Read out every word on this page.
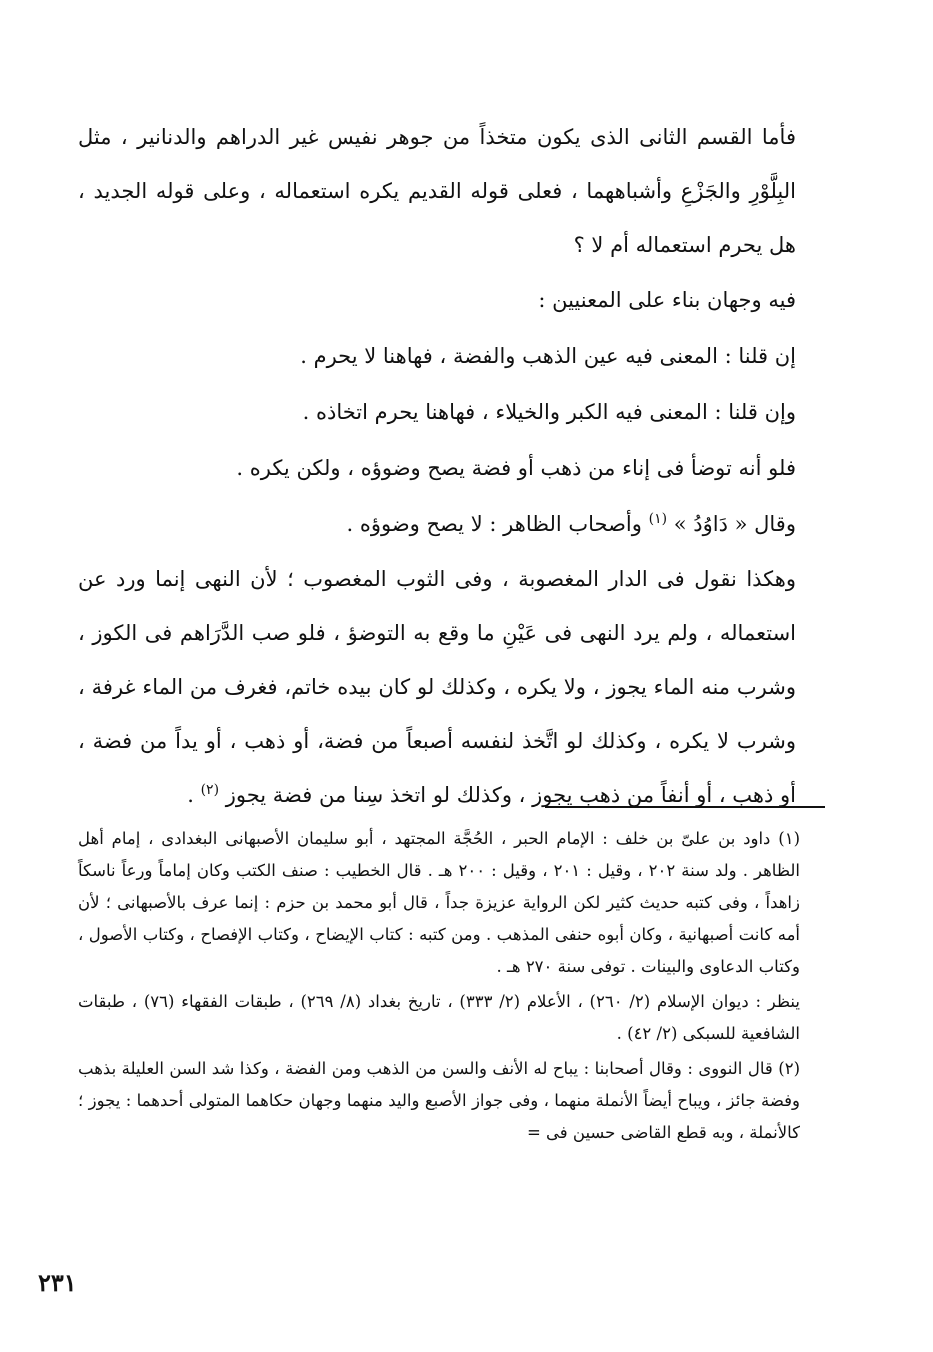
فأما القسم الثانى الذى يكون متخذاً من جوهر نفيس غير الدراهم والدنانير ، مثل البِلَّوْرِ والجَزْعِ وأشباههما ، فعلى قوله القديم يكره استعماله ، وعلى قوله الجديد ، هل يحرم استعماله أم لا ؟

فيه وجهان بناء على المعنيين :

إن قلنا : المعنى فيه عين الذهب والفضة ، فهاهنا لا يحرم .

وإن قلنا : المعنى فيه الكبر والخيلاء ، فهاهنا يحرم اتخاذه .

فلو أنه توضأ فى إناء من ذهب أو فضة يصح وضوؤه ، ولكن يكره .

وقال « دَاوُدُ » $^{(١)}$ وأصحاب الظاهر : لا يصح وضوؤه .

وهكذا نقول فى الدار المغصوبة ، وفى الثوب المغصوب ؛ لأن النهى إنما ورد عن استعماله ، ولم يرد النهى فى عَيْنِ ما وقع به التوضؤ ، فلو صب الدَّرَاهم فى الكوز ، وشرب منه الماء يجوز ، ولا يكره ، وكذلك لو كان بيده خاتم، فغرف من الماء غرفة ، وشرب لا يكره ، وكذلك لو اتَّخذ لنفسه أصبعاً من فضة، أو ذهب ، أو يداً من فضة ، أو ذهب ، أو أنفاً من ذهب يجوز ، وكذلك لو اتخذ سِنا من فضة يجوز $^{(٢)}$ .

(١) داود بن علىّ بن خلف : الإمام الحبر ، الحُجَّة المجتهد ، أبو سليمان الأصبهانى البغدادى ، إمام أهل الظاهر . ولد سنة ٢٠٢ ، وقيل : ٢٠١ ، وقيل : ٢٠٠ هـ . قال الخطيب : صنف الكتب وكان إماماً ورعاً ناسكاً زاهداً ، وفى كتبه حديث كثير لكن الرواية عزيزة جداً ، قال أبو محمد بن حزم : إنما عرف بالأصبهانى ؛ لأن أمه كانت أصبهانية ، وكان أبوه حنفى المذهب . ومن كتبه : كتاب الإيضاح ، وكتاب الإفصاح ، وكتاب الأصول ، وكتاب الدعاوى والبينات . توفى سنة ٢٧٠ هـ .

ينظر : ديوان الإسلام (٢/ ٢٦٠) ، الأعلام (٢/ ٣٣٣) ، تاريخ بغداد (٨/ ٢٦٩) ، طبقات الفقهاء (٧٦) ، طبقات الشافعية للسبكى (٢/ ٤٢) .

(٢) قال النووى : وقال أصحابنا : يباح له الأنف والسن من الذهب ومن الفضة ، وكذا شد السن العليلة بذهب وفضة جائز ، ويباح أيضاً الأنملة منهما ، وفى جواز الأصبع واليد منهما وجهان حكاهما المتولى أحدهما : يجوز ؛ كالأنملة ، وبه قطع القاضى حسين فى =

٢٣١
